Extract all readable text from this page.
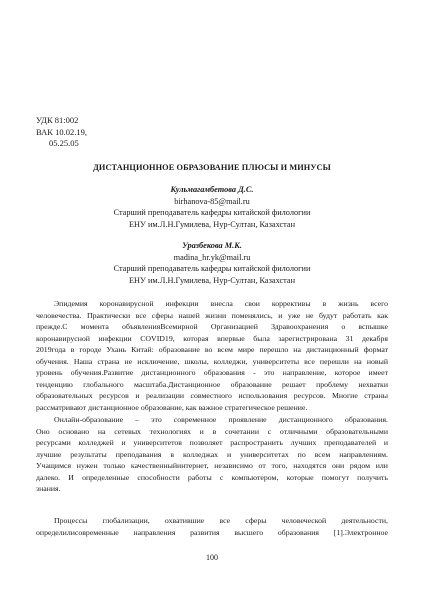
УДК 81:002
ВАК 10.02.19,
05.25.05
ДИСТАНЦИОННОЕ ОБРАЗОВАНИЕ ПЛЮСЫ И МИНУСЫ
Кульмагамбетова Д.С.
birhanova-85@mail.ru
Старший преподаватель кафедры китайской филологии
ЕНУ им.Л.Н.Гумилева, Нур-Султан, Казахстан
Уразбекова М.К.
madina_hr.yk@mail.ru
Старший преподаватель кафедры китайской филологии
ЕНУ им.Л.Н.Гумилева, Нур-Султан, Казахстан
Эпидемия коронавирусной инфекции внесла свои коррективы в жизнь всего
человечества. Практически все сферы нашей жизни поменялись, и уже не будут работать как
прежде.С момента объявленияВсемирной Организацией Здравоохранения о вспышке
коронавирусной инфекции COVID19, которая впервые была зарегистрирована 31 декабря
2019года в городе Ухань Китай: образование во всем мире перешло на дистанционный формат
обучения. Наша страна не исключение, школы, колледжи, университеты все перешли на новый
уровень обучения.Развитие дистанционного образования - это направление, которое имеет
тенденцию глобального масштаба.Дистанционное образование решает проблему нехватки
образовательных ресурсов и реализации совместного использования ресурсов. Многие страны
рассматривают дистанционное образование, как важное стратегическое решение.
Онлайн-образование – это современное проявление дистанционного образования.
Оно основано на сетевых технологиях и в сочетании с отличными образовательными
ресурсами колледжей и университетов позволяет распространить лучших преподавателей и
лучшие результаты преподавания в колледжах и университетах по всем направлениям.
Учащимся нужен только качественныйинтернет, независимо от того, находятся они рядом или
далеко. И определенные способности работы с компьютером, которые помогут получить
знания.
Процессы глобализации, охватившие все сферы человеческой деятельности,
определилисовременные направления развития высшего образования [1].Электронное
100
